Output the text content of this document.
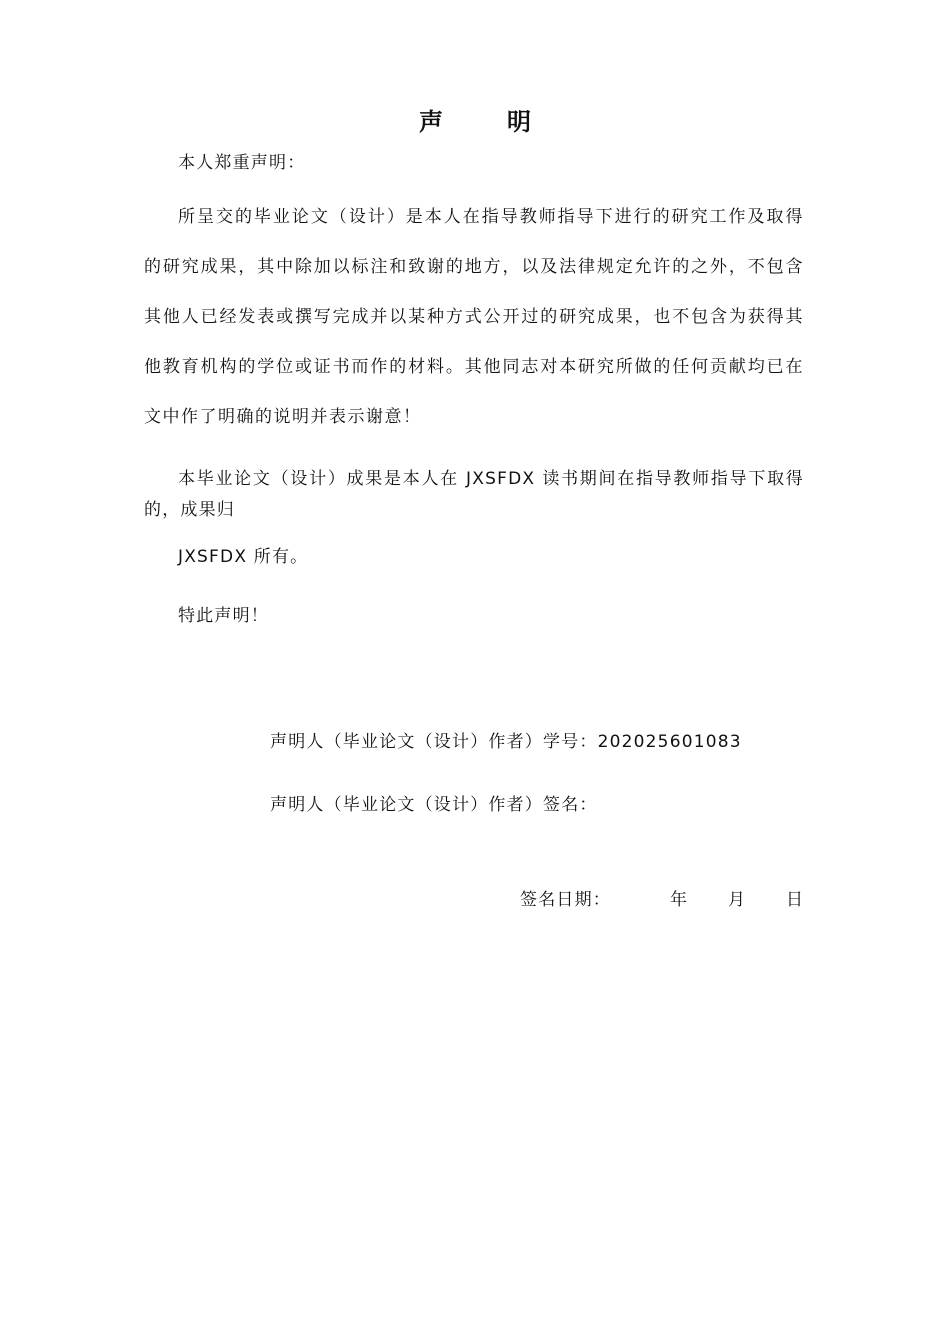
声	明
本人郑重声明：
所呈交的毕业论文（设计）是本人在指导教师指导下进行的研究工作及取得的研究成果，其中除加以标注和致谢的地方，以及法律规定允许的之外，不包含其他人已经发表或撰写完成并以某种方式公开过的研究成果，也不包含为获得其他教育机构的学位或证书而作的材料。其他同志对本研究所做的任何贡献均已在文中作了明确的说明并表示谢意！
本毕业论文（设计）成果是本人在 JXSFDX 读书期间在指导教师指导下取得的，成果归
JXSFDX 所有。
特此声明！
声明人（毕业论文（设计）作者）学号：202025601083
声明人（毕业论文（设计）作者）签名：
签名日期：	年 月 日
